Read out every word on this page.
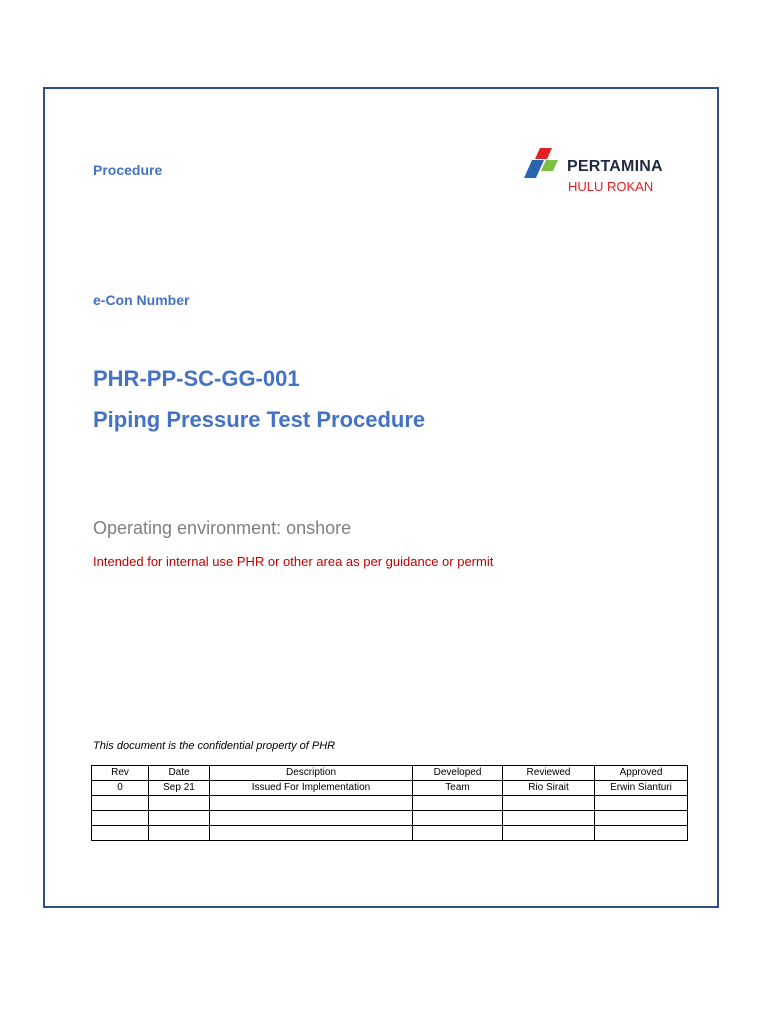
Procedure	PERTAMINA
HULU ROKAN
e-Con Number
PHR-PP-SC-GG-001
Piping Pressure Test Procedure
Operating environment: onshore
Intended for internal use PHR or other area as per guidance or permit
This document is the confidential property of PHR
Rev	Date	Description	Developed	Reviewed	Approved
0	Sep 21	Issued For Implementation	Team	Rio Sirait	Erwin Sianturi
